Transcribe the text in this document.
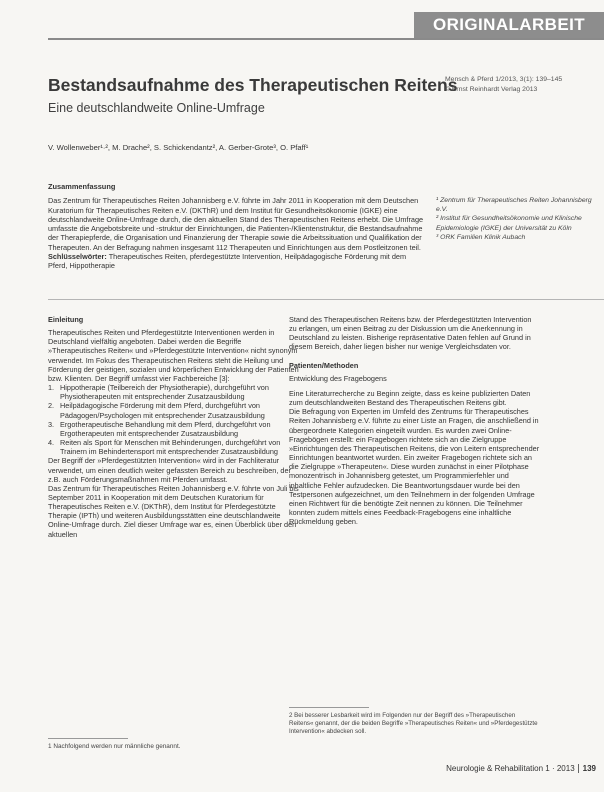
ORIGINALARBEIT
Bestandsaufnahme des Therapeutischen Reitens
Eine deutschlandweite Online-Umfrage
Mensch & Pferd 1/2013, 3(1): 139–145
© Ernst Reinhardt Verlag 2013
V. Wollenweber¹·², M. Drache², S. Schickendantz², A. Gerber-Grote³, O. Pfaff¹
Zusammenfassung

Das Zentrum für Therapeutisches Reiten Johannisberg e.V. führte im Jahr 2011 in Kooperation mit dem Deutschen Kuratorium für Therapeutisches Reiten e.V. (DKThR) und dem Institut für Gesundheitsökonomie (IGKE) eine deutschlandweite Online-Umfrage durch, die den aktuellen Stand des Therapeutischen Reitens erhebt. Die Umfrage umfasste die Angebotsbreite und -struktur der Einrichtungen, die Patienten-/Klientenstruktur, die Bestandsaufnahme der Therapiepferde, die Organisation und Finanzierung der Therapie sowie die Arbeitssituation und Qualifikation der Therapeuten. An der Befragung nahmen insgesamt 112 Therapeuten und Einrichtungen aus dem Postleitzonen teil.

Schlüsselwörter: Therapeutisches Reiten, pferdegestützte Intervention, Heilpädagogische Förderung mit dem Pferd, Hippotherapie

¹ Zentrum für Therapeutisches Reiten Johannisberg e.V.
² Institut für Gesundheitsökonomie und Klinische Epidemiologie (IGKE) der Universität zu Köln
³ ORK Familien Klinik Aubach
Einleitung

Therapeutisches Reiten und Pferdegestützte Interventionen werden in Deutschland vielfältig angeboten. Dabei werden die Begriffe »Therapeutisches Reiten« und »Pferdegestützte Intervention« nicht synonym verwendet. Im Fokus des Therapeutischen Reitens steht die Heilung und Förderung der geistigen, sozialen und körperlichen Entwicklung der Patienten bzw. Klienten. Der Begriff umfasst vier Fachbereiche [3]:

1. Hippotherapie (Teilbereich der Physiotherapie), durchgeführt von Physiotherapeuten mit entsprechender Zusatzausbildung
2. Heilpädagogische Förderung mit dem Pferd, durchgeführt von Pädagogen/Psychologen mit entsprechender Zusatzausbildung
3. Ergotherapeutische Behandlung mit dem Pferd, durchgeführt von Ergotherapeuten mit entsprechender Zusatzausbildung
4. Reiten als Sport für Menschen mit Behinderungen, durchgeführt von Trainern im Behindertensport mit entsprechender Zusatzausbildung

Der Begriff der »Pferdegestützten Intervention« wird in der Fachliteratur verwendet, um einen deutlich weiter gefassten Bereich zu beschreiben, der z.B. auch Förderungsmaßnahmen mit Pferden umfasst.

Das Zentrum für Therapeutisches Reiten Johannisberg e.V. führte von Juli bis September 2011 in Kooperation mit dem Deutschen Kuratorium für Therapeutisches Reiten e.V. (DKThR), dem Institut für Pferdegestützte Therapie (IPTh) und weiteren Ausbildungsstätten eine deutschlandweite Online-Umfrage durch. Ziel dieser Umfrage war es, einen Überblick über den aktuellen

Stand des Therapeutischen Reitens bzw. der Pferdegestützten Intervention zu erlangen, um einen Beitrag zu der Diskussion um die Anerkennung in Deutschland zu leisten. Bisherige repräsentative Daten fehlen auf Grund in diesem Bereich, daher liegen bisher nur wenige Vergleichsdaten vor.

Patienten/Methoden
Entwicklung des Fragebogens

Eine Literaturrecherche zu Beginn zeigte, dass es keine publizierten Daten zum deutschlandweiten Bestand des Therapeutischen Reitens gibt.

Die Befragung von Experten im Umfeld des Zentrums für Therapeutisches Reiten Johannisberg e.V. führte zu einer Liste an Fragen, die anschließend in übergeordnete Kategorien eingeteilt wurden. Es wurden zwei Online-Fragebögen erstellt: ein Fragebogen richtete sich an die Zielgruppe »Einrichtungen des Therapeutischen Reitens, die von Leitern entsprechender Einrichtungen beantwortet wurden. Ein zweiter Fragebogen richtete sich an die Zielgruppe »Therapeuten«. Diese wurden zunächst in einer Pilotphase monozentrisch in Johannisberg getestet, um Programmierfehler und inhaltliche Fehler aufzudecken. Die Beantwortungsdauer wurde bei den Testpersonen aufgezeichnet, um den Teilnehmern in der folgenden Umfrage einen Richtwert für die benötigte Zeit nennen zu können. Die Teilnehmer konnten zudem mittels eines Feedback-Fragebogens eine inhaltliche Rückmeldung geben.

1 Nachfolgend werden nur männliche genannt.
2 Bei besserer Lesbarkeit wird im Folgenden nur der Begriff des »Therapeutischen Reitens« genannt, der die beiden Begriffe »Therapeutisches Reiten« und »Pferdegestützte Intervention« abdecken soll.
Neurologie & Rehabilitation 1 · 2013 139
